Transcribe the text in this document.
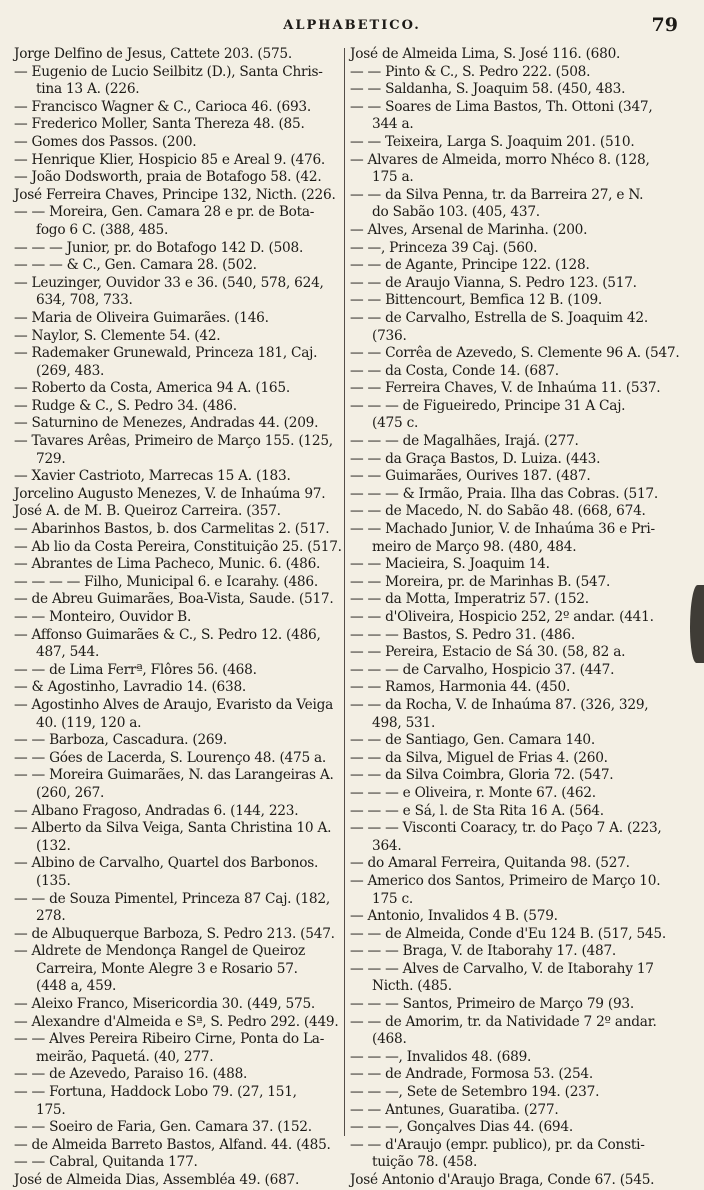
ALPHABETICO.	79
Jorge Delfino de Jesus, Cattete 203. (575.
— Eugenio de Lucio Seilbitz (D.), Santa Chris-
tina 13 A. (226.
— Francisco Wagner & C., Carioca 46. (693.
— Frederico Moller, Santa Thereza 48. (85.
— Gomes dos Passos. (200.
— Henrique Klier, Hospicio 85 e Areal 9. (476.
— João Dodsworth, praia de Botafogo 58. (42.
José Ferreira Chaves, Principe 132, Nicth. (226.
— — Moreira, Gen. Camara 28 e pr. de Bota-
fogo 6 C. (388, 485.
— — — Junior, pr. do Botafogo 142 D. (508.
— — — & C., Gen. Camara 28. (502.
— Leuzinger, Ouvidor 33 e 36. (540, 578, 624,
634, 708, 733.
— Maria de Oliveira Guimarães. (146.
— Naylor, S. Clemente 54. (42.
— Rademaker Grunewald, Princeza 181, Caj.
(269, 483.
— Roberto da Costa, America 94 A. (165.
— Rudge & C., S. Pedro 34. (486.
— Saturnino de Menezes, Andradas 44. (209.
— Tavares Arêas, Primeiro de Março 155. (125,
729.
— Xavier Castrioto, Marrecas 15 A. (183.
Jorcelino Augusto Menezes, V. de Inhaúma 97.
José A. de M. B. Queiroz Carreira. (357.
— Abarinhos Bastos, b. dos Carmelitas 2. (517.
— Ab lio da Costa Pereira, Constituição 25. (517.
— Abrantes de Lima Pacheco, Munic. 6. (486.
— — — — Filho, Municipal 6. e Icarahy. (486.
— de Abreu Guimarães, Boa-Vista, Saude. (517.
— — Monteiro, Ouvidor B.
— Affonso Guimarães & C., S. Pedro 12. (486,
487, 544.
— — de Lima Ferrª, Flôres 56. (468.
— & Agostinho, Lavradio 14. (638.
— Agostinho Alves de Araujo, Evaristo da Veiga
40. (119, 120 a.
— — Barboza, Cascadura. (269.
— — Góes de Lacerda, S. Lourenço 48. (475 a.
— — Moreira Guimarães, N. das Larangeiras A.
(260, 267.
— Albano Fragoso, Andradas 6. (144, 223.
— Alberto da Silva Veiga, Santa Christina 10 A.
(132.
— Albino de Carvalho, Quartel dos Barbonos.
(135.
— — de Souza Pimentel, Princeza 87 Caj. (182,
278.
— de Albuquerque Barboza, S. Pedro 213. (547.
— Aldrete de Mendonça Rangel de Queiroz
Carreira, Monte Alegre 3 e Rosario 57.
(448 a, 459.
— Aleixo Franco, Misericordia 30. (449, 575.
— Alexandre d'Almeida e Sª, S. Pedro 292. (449.
— — Alves Pereira Ribeiro Cirne, Ponta do La-
meirão, Paquetá. (40, 277.
— — de Azevedo, Paraiso 16. (488.
— — Fortuna, Haddock Lobo 79. (27, 151,
175.
— — Soeiro de Faria, Gen. Camara 37. (152.
— de Almeida Barreto Bastos, Alfand. 44. (485.
— — Cabral, Quitanda 177.
José de Almeida Dias, Assembléa 49. (687.
José de Almeida Lima, S. José 116. (680.
— — Pinto & C., S. Pedro 222. (508.
— — Saldanha, S. Joaquim 58. (450, 483.
— — Soares de Lima Bastos, Th. Ottoni (347,
344 a.
— — Teixeira, Larga S. Joaquim 201. (510.
— Alvares de Almeida, morro Nhéco 8. (128,
175 a.
— — da Silva Penna, tr. da Barreira 27, e N.
do Sabão 103. (405, 437.
— Alves, Arsenal de Marinha. (200.
— —, Princeza 39 Caj. (560.
— — de Agante, Principe 122. (128.
— — de Araujo Vianna, S. Pedro 123. (517.
— — Bittencourt, Bemfica 12 B. (109.
— — de Carvalho, Estrella de S. Joaquim 42.
(736.
— — Corrêa de Azevedo, S. Clemente 96 A. (547.
— — da Costa, Conde 14. (687.
— — Ferreira Chaves, V. de Inhaúma 11. (537.
— — — de Figueiredo, Principe 31 A Caj.
(475 c.
— — — de Magalhães, Irajá. (277.
— — da Graça Bastos, D. Luiza. (443.
— — Guimarães, Ourives 187. (487.
— — — & Irmão, Praia. Ilha das Cobras. (517.
— — de Macedo, N. do Sabão 48. (668, 674.
— — Machado Junior, V. de Inhaúma 36 e Pri-
meiro de Março 98. (480, 484.
— — Macieira, S. Joaquim 14.
— — Moreira, pr. de Marinhas B. (547.
— — da Motta, Imperatriz 57. (152.
— — d'Oliveira, Hospicio 252, 2º andar. (441.
— — — Bastos, S. Pedro 31. (486.
— — Pereira, Estacio de Sá 30. (58, 82 a.
— — — de Carvalho, Hospicio 37. (447.
— — Ramos, Harmonia 44. (450.
— — da Rocha, V. de Inhaúma 87. (326, 329,
498, 531.
— — de Santiago, Gen. Camara 140.
— — da Silva, Miguel de Frias 4. (260.
— — da Silva Coimbra, Gloria 72. (547.
— — — e Oliveira, r. Monte 67. (462.
— — — e Sá, l. de Sta Rita 16 A. (564.
— — — Visconti Coaracy, tr. do Paço 7 A. (223,
364.
— do Amaral Ferreira, Quitanda 98. (527.
— Americo dos Santos, Primeiro de Março 10.
175 c.
— Antonio, Invalidos 4 B. (579.
— — de Almeida, Conde d'Eu 124 B. (517, 545.
— — — Braga, V. de Itaborahy 17. (487.
— — — Alves de Carvalho, V. de Itaborahy 17
Nicth. (485.
— — — Santos, Primeiro de Março 79 (93.
— — de Amorim, tr. da Natividade 7 2º andar.
(468.
— — —, Invalidos 48. (689.
— — de Andrade, Formosa 53. (254.
— — —, Sete de Setembro 194. (237.
— — Antunes, Guaratiba. (277.
— — —, Gonçalves Dias 44. (694.
— — d'Araujo (empr. publico), pr. da Consti-
tuição 78. (458.
José Antonio d'Araujo Braga, Conde 67. (545.
